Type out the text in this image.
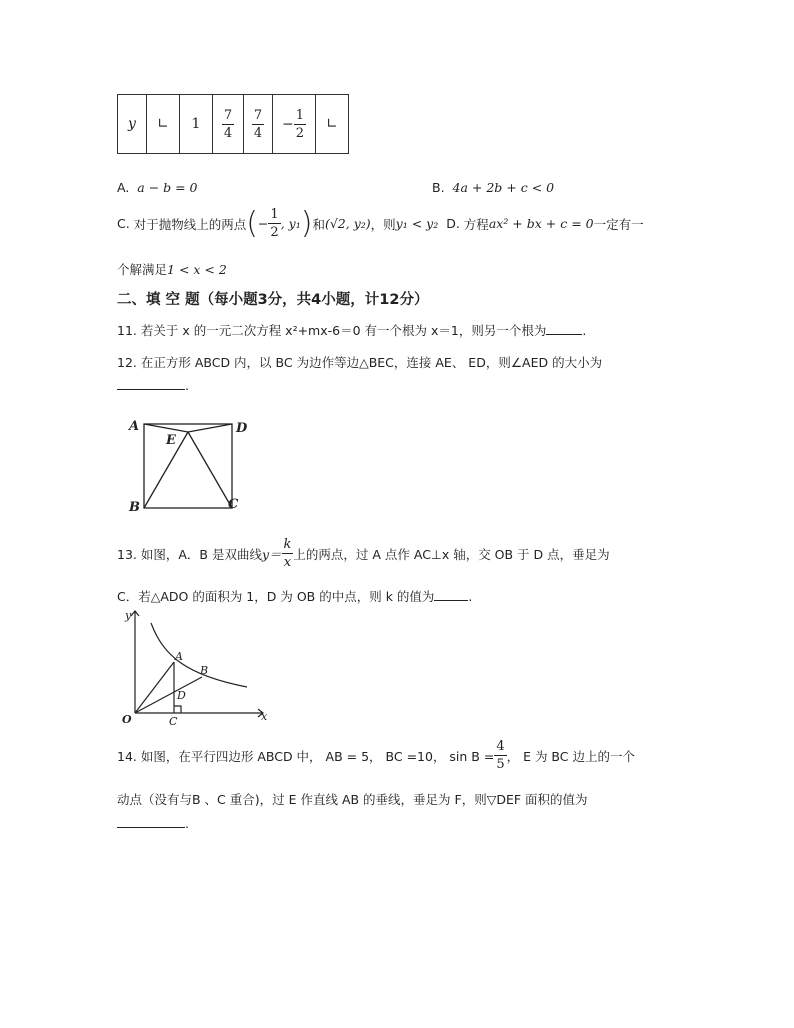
y	∟	1	$\frac{7}{4}$	$\frac{7}{4}$	− $\frac{1}{2}$	∟
A. a − b = 0	B. 4a + 2b + c < 0
C.
对于抛物线上的两点 ( − $\frac{1}{2}$ , y₁ ) 和 (√2, y₂) ，则 y₁ < y₂
D.
方程 ax² + bx + c = 0 一定有一
个解满足1 < x < 2
二、填 空 题（每小题3分，共4小题，计12分）
11. 若关于 x 的一元二次方程 x²+mx-6＝0 有一个根为 x＝1，则另一个根为	.
12. 在正方形 ABCD 内，以 BC 为边作等边△BEC，连接 AE、 ED，则∠AED 的大小为
.
A	D
E
B	C
13. 如图，A．B 是双曲线 $y= \frac{k}{x}$ 上的两点，过 A 点作 AC⊥x 轴，交 OB 于 D 点，垂足为
C．若△ADO 的面积为 1，D 为 OB 的中点，则 k 的值为	.
y
x
O
A
B
D
C
14. 如图，在平行四边形 ABCD 中， AB = 5， BC =10， $\sin B = \frac{4}{5}$ ， E 为 BC 边上的一个
动点（没有与B 、C 重合)，过 E 作直线 AB 的垂线，垂足为 F，则▽DEF 面积的值为
.
